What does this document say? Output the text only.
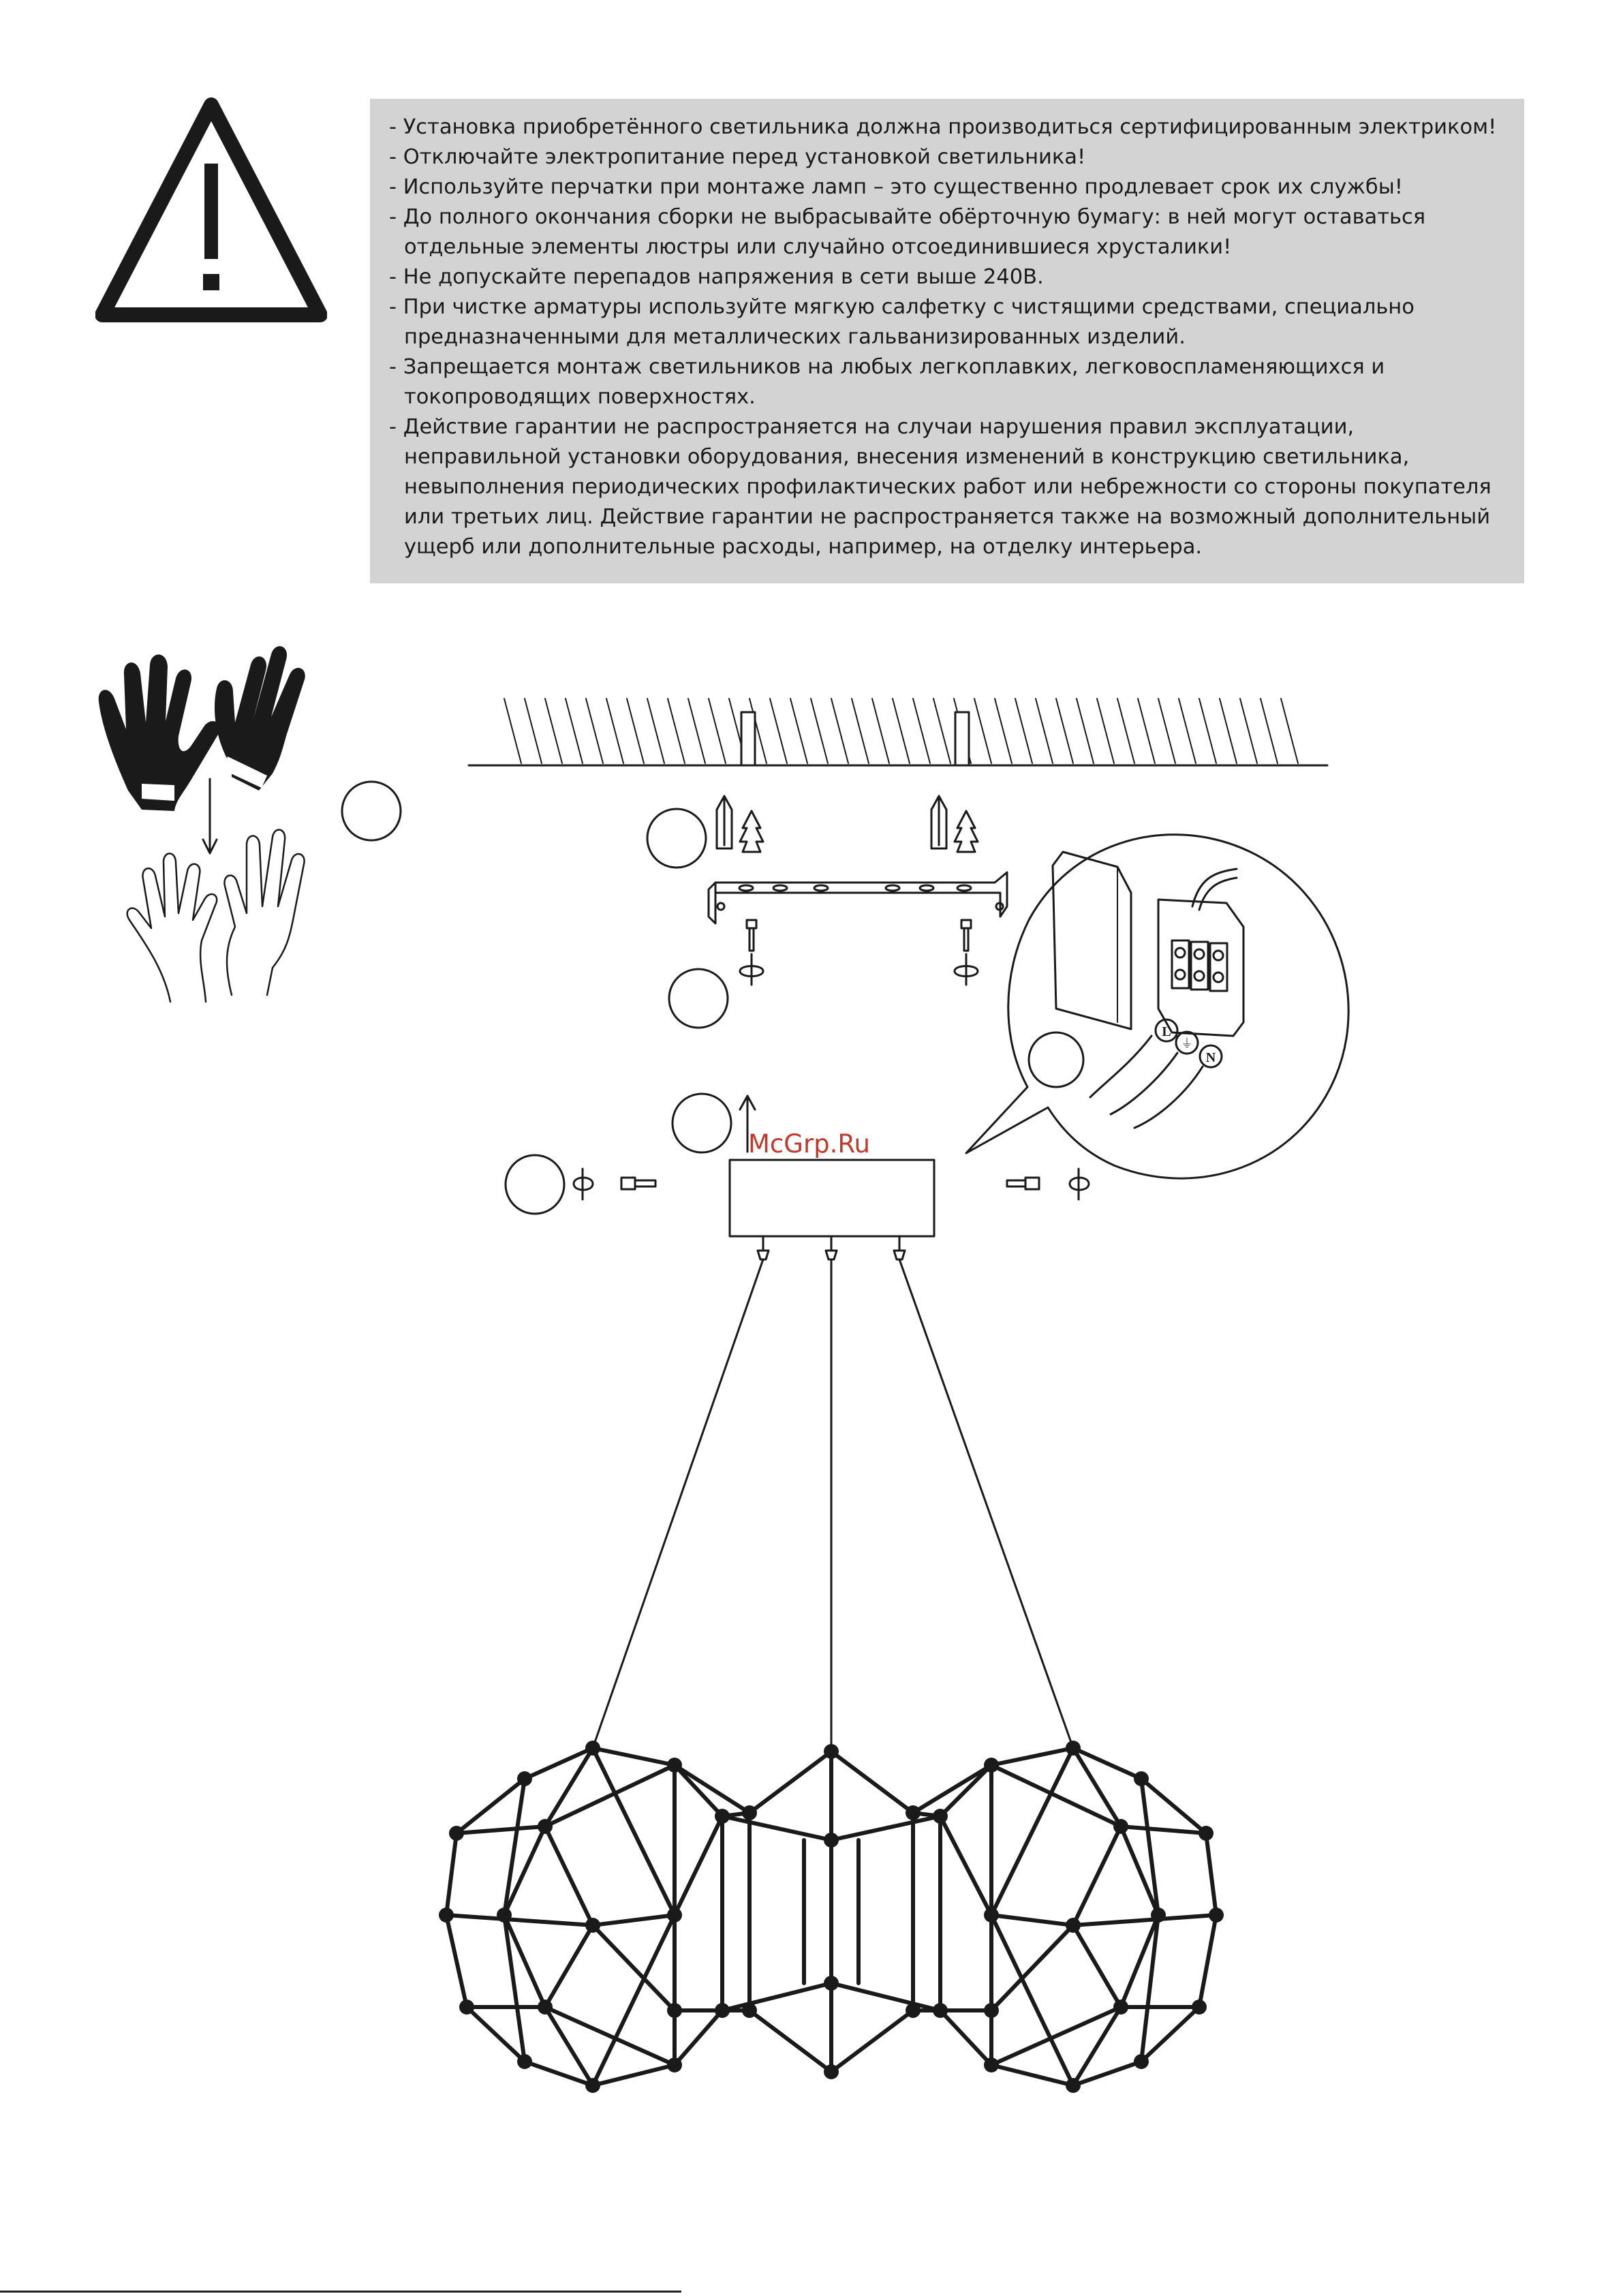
- Установка приобретённого светильника должна производиться сертифицированным электриком!
- Отключайте электропитание перед установкой светильника!
- Используйте перчатки при монтаже ламп – это существенно продлевает срок их службы!
- До полного окончания сборки не выбрасывайте обёрточную бумагу: в ней могут оставаться отдельные элементы люстры или случайно отсоединившиеся хрусталики!
- Не допускайте перепадов напряжения в сети выше 240В.
- При чистке арматуры используйте мягкую салфетку с чистящими средствами, специально предназначенными для металлических гальванизированных изделий.
- Запрещается монтаж светильников на любых легкоплавких, легковоспламеняющихся и токопроводящих поверхностях.
- Действие гарантии не распространяется на случаи нарушения правил эксплуатации, неправильной установки оборудования, внесения изменений в конструкцию светильника, невыполнения периодических профилактических работ или небрежности со стороны покупателя или третьих лиц. Действие гарантии не распространяется также на возможный дополнительный ущерб или дополнительные расходы, например, на отделку интерьера.
L
⏚
N
McGrp.Ru
